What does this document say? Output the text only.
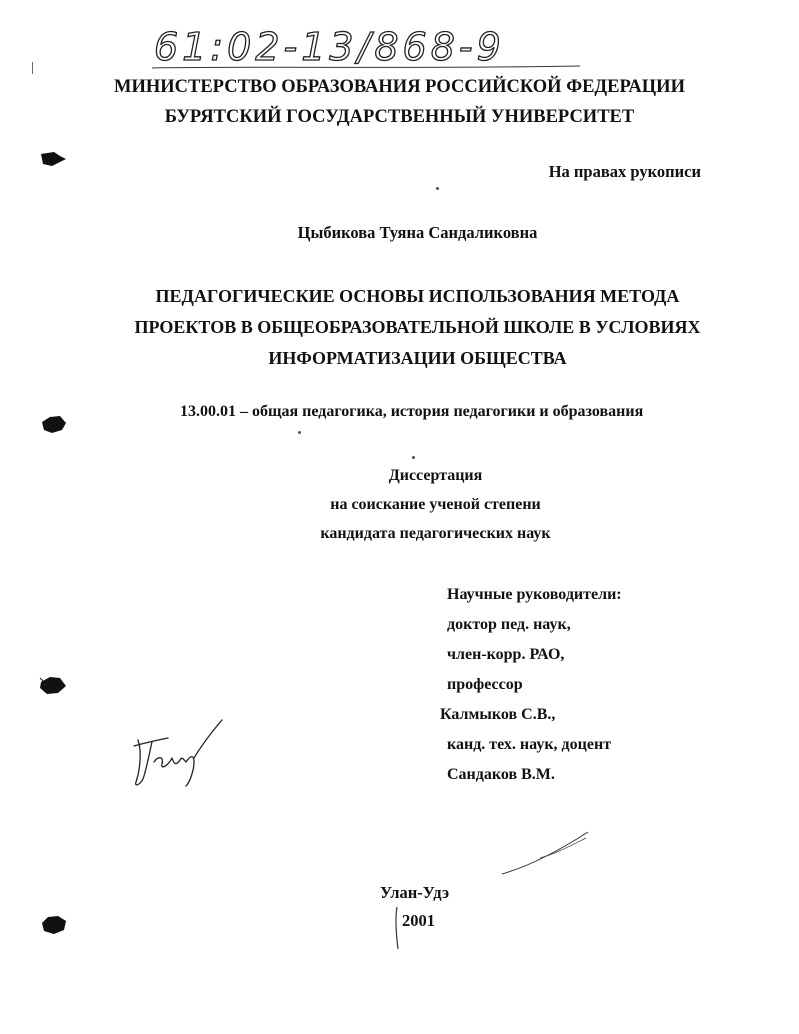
61:02-13/868-9
МИНИСТЕРСТВО ОБРАЗОВАНИЯ РОССИЙСКОЙ ФЕДЕРАЦИИ
БУРЯТСКИЙ ГОСУДАРСТВЕННЫЙ УНИВЕРСИТЕТ
На правах рукописи
Цыбикова Туяна Сандаликовна
ПЕДАГОГИЧЕСКИЕ ОСНОВЫ ИСПОЛЬЗОВАНИЯ МЕТОДА
ПРОЕКТОВ В ОБЩЕОБРАЗОВАТЕЛЬНОЙ ШКОЛЕ В УСЛОВИЯХ
ИНФОРМАТИЗАЦИИ ОБЩЕСТВА
13.00.01 – общая педагогика, история педагогики и образования
Диссертация
на соискание ученой степени
кандидата педагогических наук
Научные руководители:
доктор пед. наук,
член-корр. РАО,
профессор
Калмыков С.В.,
канд. тех. наук, доцент
Сандаков В.М.
Улан-Удэ
2001
